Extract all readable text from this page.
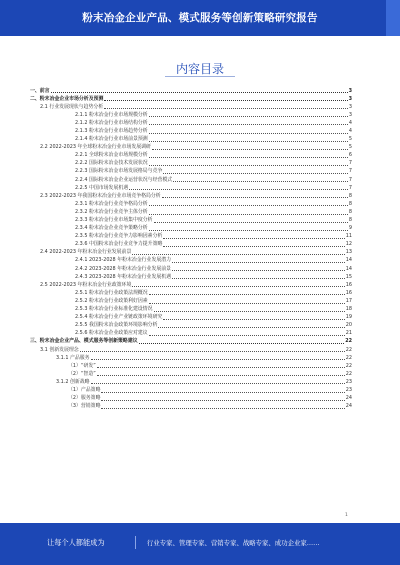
粉末冶金企业产品、模式服务等创新策略研究报告
内容目录
一、前言	3
二、粉末冶金企业市场分析及预测	3
2.1 行业发展现状与趋势分析	3
2.1.1 粉末冶金行业市场规模分析	3
2.1.2 粉末冶金行业市场结构分析	4
2.1.3 粉末冶金行业市场趋势分析	4
2.1.4 粉末冶金行业市场前景预测	5
2.2 2022-2023 年全球粉末冶金行业市场发展调研	5
2.2.1 全球粉末冶金市场规模分析	6
2.2.2 国际粉末冶金技术发展状况	7
2.2.3 国际粉末冶金市场发展格局与竞争	7
2.2.4 国际粉末冶金企业运营状况与经营模式	7
2.2.5 中国市场发展机遇	7
2.3 2022-2023 年我国粉末冶金行业市场竞争格局分析	8
2.3.1 粉末冶金行业竞争格局分析	8
2.3.2 粉末冶金行业竞争主体分析	8
2.3.3 粉末冶金行业市场集中度分析	8
2.3.4 粉末冶金企业竞争策略分析	9
2.3.5 粉末冶金行业竞争力影响因素分析	11
2.3.6 中国粉末冶金行业竞争力提升策略	12
2.4 2022-2023 年粉末冶金行业发展前景	13
2.4.1 2023-2028 年粉末冶金行业发展潜力	14
2.4.2 2023-2028 年粉末冶金行业发展前景	14
2.4.3 2023-2028 年粉末冶金行业发展机遇	15
2.5 2022-2023 年粉末冶金行业政策环境	16
2.5.1 粉末冶金行业政策法规概况	16
2.5.2 粉末冶金行业政策利好因素	17
2.5.3 粉末冶金行业标准化建设情况	18
2.5.4 粉末冶金行业产业链政策环境研究	19
2.5.5 我国粉末冶金政策环境影响分析	20
2.5.6 粉末冶金企业政策应对建议	21
三、粉末冶金企业产品、模式服务等创新策略建议	22
3.1 创新发展理念	22
3.1.1 产品服务	22
（1）“研发”	22
（2）“智造”	22
3.1.2 创新战略	23
（1）产品策略	23
（2）服务策略	24
（3）营销策略	24
1
让每个人都能成为	行业专家、管理专家、营销专家、战略专家、成功企业家……
